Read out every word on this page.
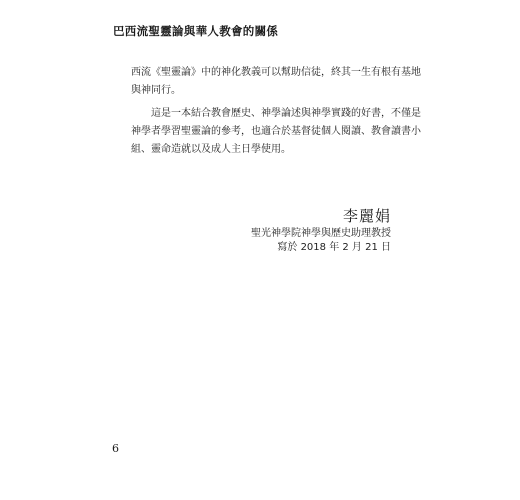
巴西流聖靈論與華人教會的關係
西流《聖靈論》中的神化教義可以幫助信徒，終其一生有根有基地
與神同行。
這是一本結合教會歷史、神學論述與神學實踐的好書，不僅是
神學者學習聖靈論的參考，也適合於基督徒個人閱讀、教會讀書小
組、靈命造就以及成人主日學使用。
李麗娟
聖光神學院神學與歷史助理教授
寫於 2018 年 2 月 21 日
6
